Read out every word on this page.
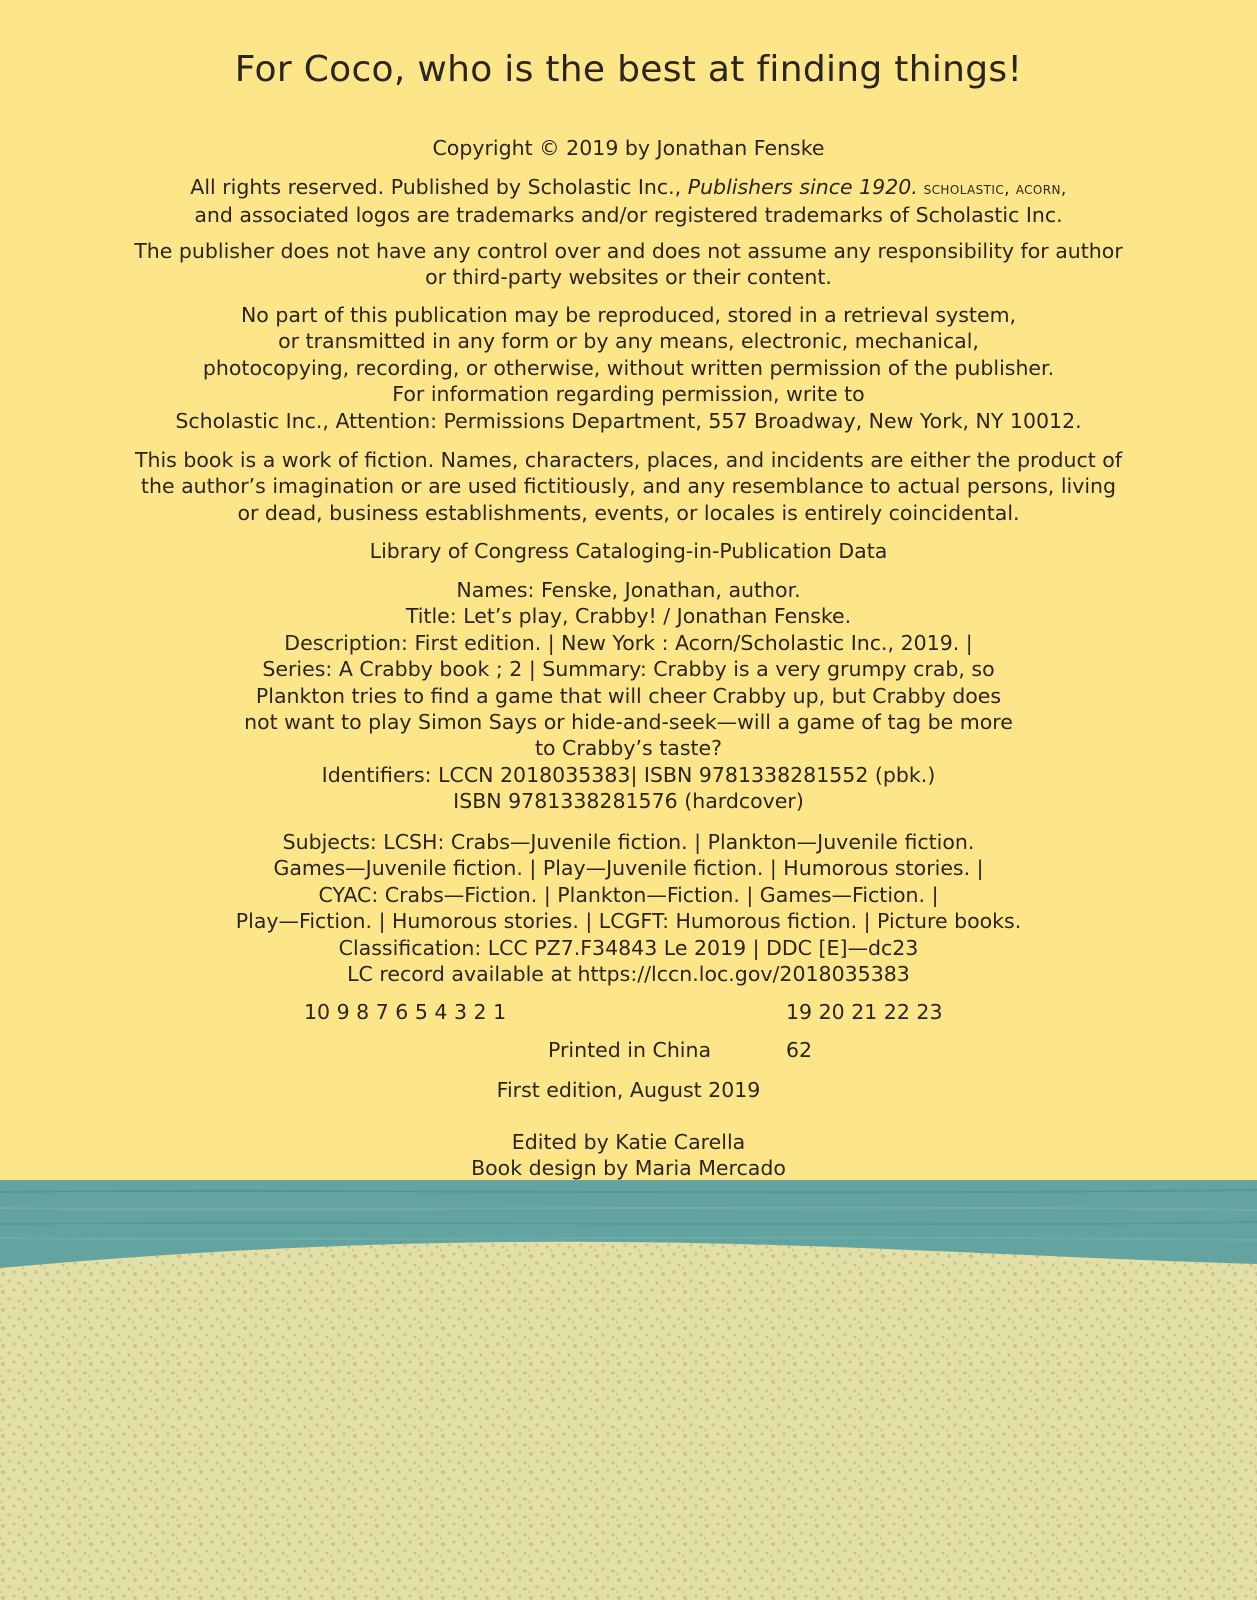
For Coco, who is the best at finding things!
Copyright © 2019 by Jonathan Fenske
All rights reserved. Published by Scholastic Inc., Publishers since 1920. scholastic, acorn,
and associated logos are trademarks and/or registered trademarks of Scholastic Inc.
The publisher does not have any control over and does not assume any responsibility for author
or third-party websites or their content.
No part of this publication may be reproduced, stored in a retrieval system,
or transmitted in any form or by any means, electronic, mechanical,
photocopying, recording, or otherwise, without written permission of the publisher.
For information regarding permission, write to
Scholastic Inc., Attention: Permissions Department, 557 Broadway, New York, NY 10012.
This book is a work of fiction. Names, characters, places, and incidents are either the product of
the author’s imagination or are used fictitiously, and any resemblance to actual persons, living
or dead, business establishments, events, or locales is entirely coincidental.
Library of Congress Cataloging-in-Publication Data
Names: Fenske, Jonathan, author.
Title: Let’s play, Crabby! / Jonathan Fenske.
Description: First edition. | New York : Acorn/Scholastic Inc., 2019. |
Series: A Crabby book ; 2 | Summary: Crabby is a very grumpy crab, so
Plankton tries to find a game that will cheer Crabby up, but Crabby does
not want to play Simon Says or hide-and-seek—will a game of tag be more
to Crabby’s taste?
Identifiers: LCCN 2018035383| ISBN 9781338281552 (pbk.)
ISBN 9781338281576 (hardcover)
Subjects: LCSH: Crabs—Juvenile fiction. | Plankton—Juvenile fiction.
Games—Juvenile fiction. | Play—Juvenile fiction. | Humorous stories. |
CYAC: Crabs—Fiction. | Plankton—Fiction. | Games—Fiction. |
Play—Fiction. | Humorous stories. | LCGFT: Humorous fiction. | Picture books.
Classification: LCC PZ7.F34843 Le 2019 | DDC [E]—dc23
LC record available at https://lccn.loc.gov/2018035383
10 9 8 7 6 5 4 3 2 1	19 20 21 22 23
Printed in China	62
First edition, August 2019
Edited by Katie Carella
Book design by Maria Mercado
